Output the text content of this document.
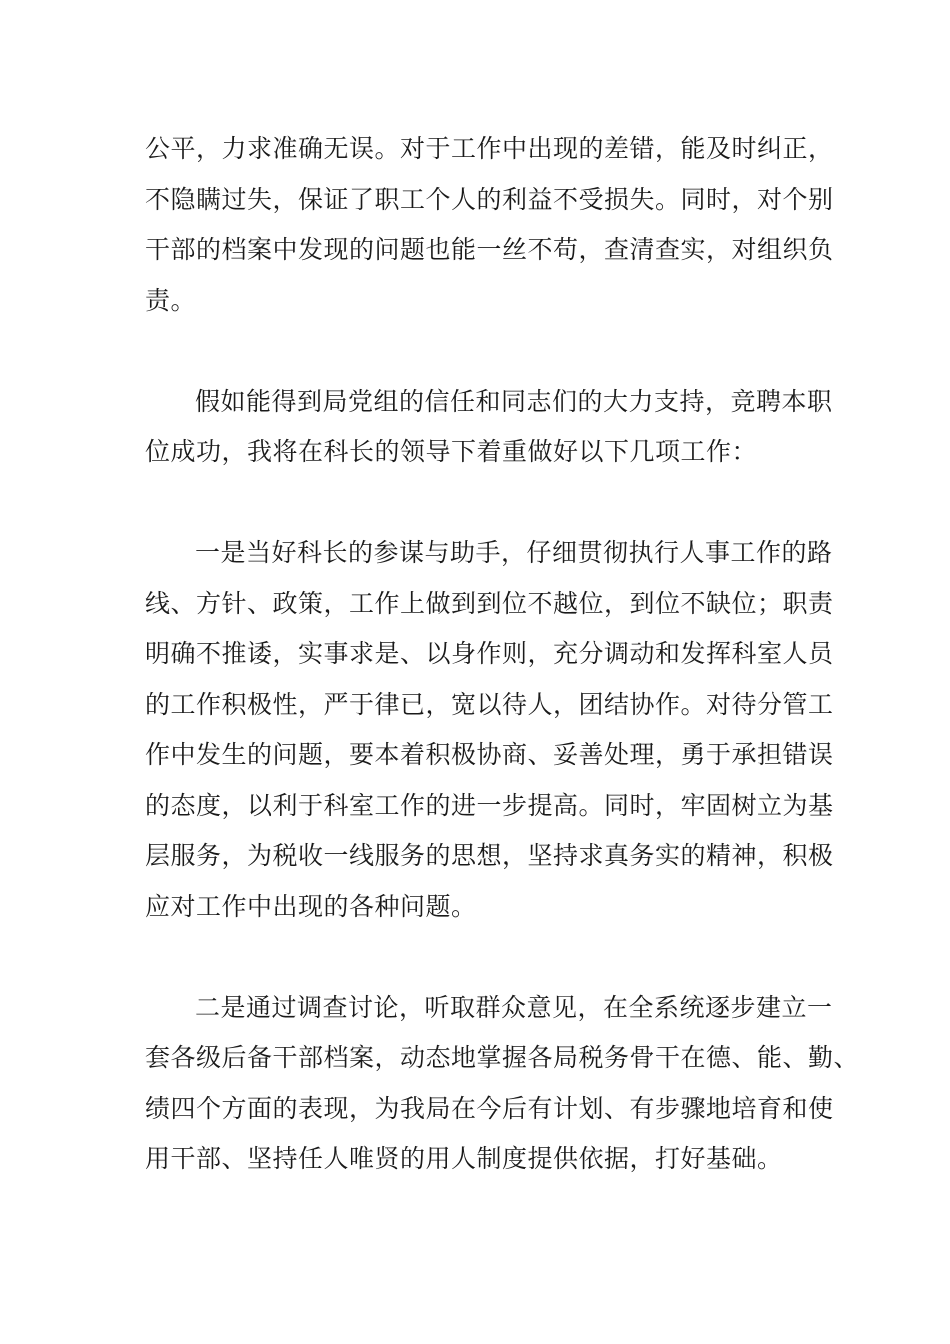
公平，力求准确无误。对于工作中出现的差错，能及时纠正，
不隐瞒过失，保证了职工个人的利益不受损失。同时，对个别
干部的档案中发现的问题也能一丝不苟，查清查实，对组织负
责。
假如能得到局党组的信任和同志们的大力支持，竞聘本职
位成功，我将在科长的领导下着重做好以下几项工作：
一是当好科长的参谋与助手，仔细贯彻执行人事工作的路
线、方针、政策，工作上做到到位不越位，到位不缺位；职责
明确不推诿，实事求是、以身作则，充分调动和发挥科室人员
的工作积极性，严于律已，宽以待人，团结协作。对待分管工
作中发生的问题，要本着积极协商、妥善处理，勇于承担错误
的态度，以利于科室工作的进一步提高。同时，牢固树立为基
层服务，为税收一线服务的思想，坚持求真务实的精神，积极
应对工作中出现的各种问题。
二是通过调查讨论，听取群众意见，在全系统逐步建立一
套各级后备干部档案，动态地掌握各局税务骨干在德、能、勤、
绩四个方面的表现，为我局在今后有计划、有步骤地培育和使
用干部、坚持任人唯贤的用人制度提供依据，打好基础。
